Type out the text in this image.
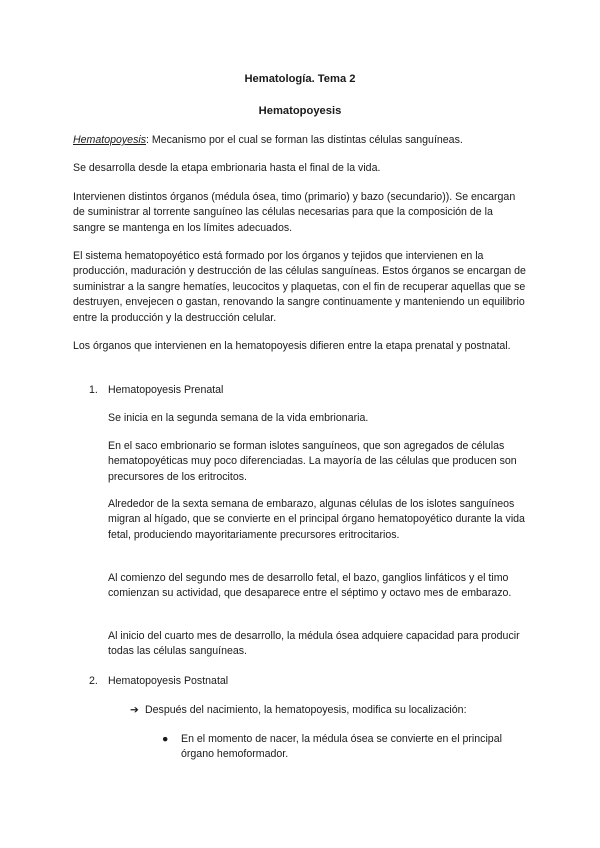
Hematología. Tema 2
Hematopoyesis

Hematopoyesis: Mecanismo por el cual se forman las distintas células sanguíneas.

Se desarrolla desde la etapa embrionaria hasta el final de la vida.

Intervienen distintos órganos (médula ósea, timo (primario) y bazo (secundario)). Se encargan de suministrar al torrente sanguíneo las células necesarias para que la composición de la sangre se mantenga en los límites adecuados.

El sistema hematopoyético está formado por los órganos y tejidos que intervienen en la producción, maduración y destrucción de las células sanguíneas. Estos órganos se encargan de suministrar a la sangre hematíes, leucocitos y plaquetas, con el fin de recuperar aquellas que se destruyen, envejecen o gastan, renovando la sangre continuamente y manteniendo un equilibrio entre la producción y la destrucción celular.

Los órganos que intervienen en la hematopoyesis difieren entre la etapa prenatal y postnatal.

1. Hematopoyesis Prenatal

Se inicia en la segunda semana de la vida embrionaria.

En el saco embrionario se forman islotes sanguíneos, que son agregados de células hematopoyéticas muy poco diferenciadas. La mayoría de las células que producen son precursores de los eritrocitos.

Alrededor de la sexta semana de embarazo, algunas células de los islotes sanguíneos migran al hígado, que se convierte en el principal órgano hematopoyético durante la vida fetal, produciendo mayoritariamente precursores eritrocitarios.

Al comienzo del segundo mes de desarrollo fetal, el bazo, ganglios linfáticos y el timo comienzan su actividad, que desaparece entre el séptimo y octavo mes de embarazo.

Al inicio del cuarto mes de desarrollo, la médula ósea adquiere capacidad para producir todas las células sanguíneas.

2. Hematopoyesis Postnatal
➔ Después del nacimiento, la hematopoyesis, modifica su localización:
● En el momento de nacer, la médula ósea se convierte en el principal órgano hemoformador.
